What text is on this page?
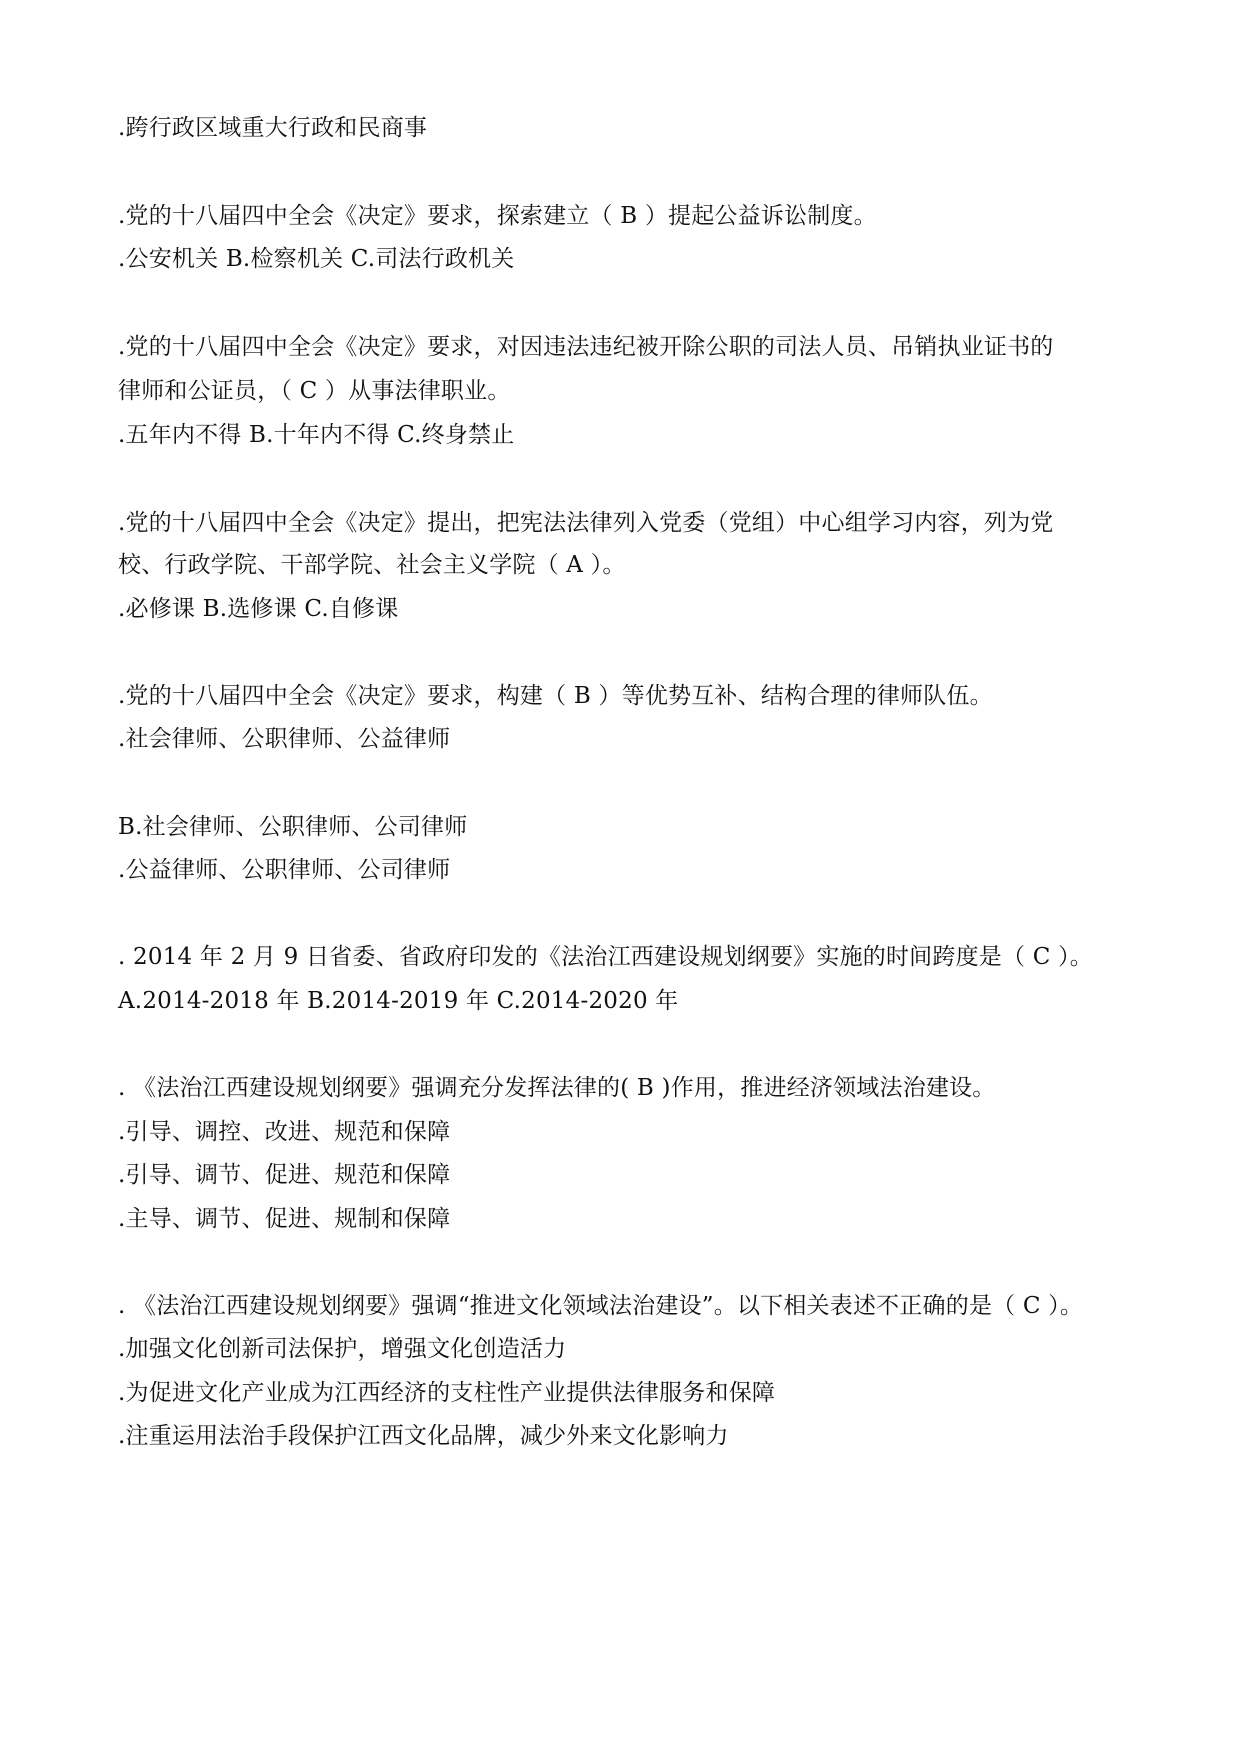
.跨行政区域重大行政和民商事
.党的十八届四中全会《决定》要求，探索建立（ B ）提起公益诉讼制度。
.公安机关 B.检察机关 C.司法行政机关
.党的十八届四中全会《决定》要求，对因违法违纪被开除公职的司法人员、吊销执业证书的
律师和公证员，（ C ）从事法律职业。
.五年内不得 B.十年内不得 C.终身禁止
.党的十八届四中全会《决定》提出，把宪法法律列入党委（党组）中心组学习内容，列为党
校、行政学院、干部学院、社会主义学院（ A ）。
.必修课 B.选修课 C.自修课
.党的十八届四中全会《决定》要求，构建（ B ）等优势互补、结构合理的律师队伍。
.社会律师、公职律师、公益律师
B.社会律师、公职律师、公司律师
.公益律师、公职律师、公司律师
. 2014 年 2 月 9 日省委、省政府印发的《法治江西建设规划纲要》实施的时间跨度是（ C ）。
A.2014-2018 年 B.2014-2019 年 C.2014-2020 年
. 《法治江西建设规划纲要》强调充分发挥法律的( B )作用，推进经济领域法治建设。
.引导、调控、改进、规范和保障
.引导、调节、促进、规范和保障
.主导、调节、促进、规制和保障
. 《法治江西建设规划纲要》强调“推进文化领域法治建设”。以下相关表述不正确的是（ C ）。
.加强文化创新司法保护，增强文化创造活力
.为促进文化产业成为江西经济的支柱性产业提供法律服务和保障
.注重运用法治手段保护江西文化品牌，减少外来文化影响力
